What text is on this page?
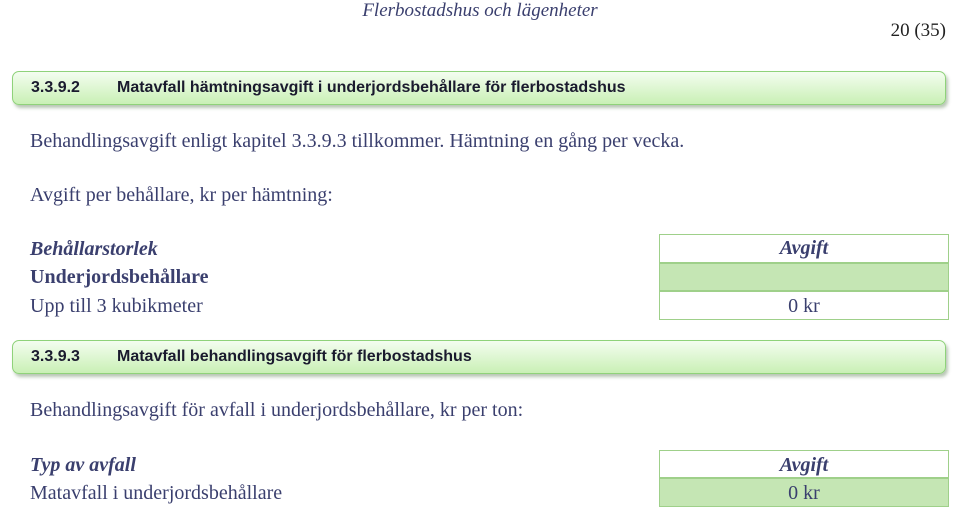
Flerbostadshus och lägenheter
20 (35)
3.3.9.2	Matavfall hämtningsavgift i underjordsbehållare för flerbostadshus
Behandlingsavgift enligt kapitel 3.3.9.3 tillkommer. Hämtning en gång per vecka.
Avgift per behållare, kr per hämtning:
Behållarstorlek
Underjordsbehållare
Upp till 3 kubikmeter
Avgift
0 kr
3.3.9.3	Matavfall behandlingsavgift för flerbostadshus
Behandlingsavgift för avfall i underjordsbehållare, kr per ton:
Typ av avfall
Matavfall i underjordsbehållare
Avgift
0 kr
